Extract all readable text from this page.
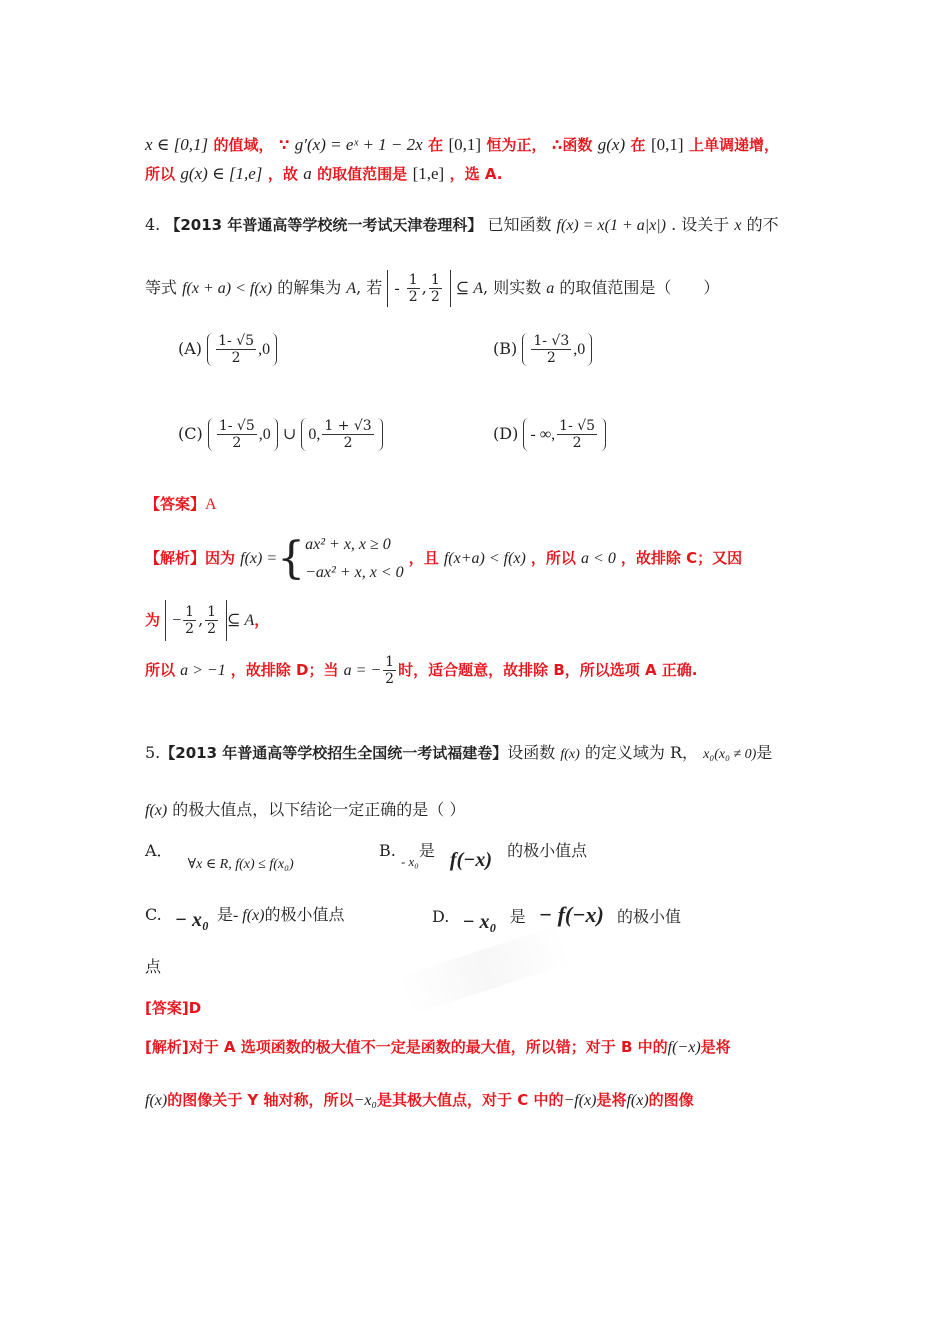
x ∈ [0,1] 的值域， ∵ g′(x) = eˣ + 1 − 2x 在 [0,1] 恒为正， ∴函数 g(x) 在 [0,1] 上单调递增，
所以 g(x) ∈ [1,e] ，故 a 的取值范围是 [1,e] ，选 A.
4. 【2013 年普通高等学校统一考试天津卷理科】 已知函数 f(x) = x(1 + a|x|) . 设关于 x 的不
等式 f(x + a) < f(x) 的解集为 A, 若 - $\frac{1}{2}$ , $\frac{1}{2}$ ⊆ A, 则实数 a 的取值范围是（　　）
$(A) \frac{1- √5}{2} ,0$	$(B) \frac{1- √3}{2} ,0$
$(C) \frac{1- √5}{2} ,0$ ∪ 0, $\frac{1 + √3}{2}$	(D) - ∞, $\frac{1- √5}{2}$
【答案】A
【解析】因为 f(x) ={ ax² + x, x ≥ 0
−ax² + x, x < 0
，且 f(x+a) < f(x) ，所以 a < 0 ，故排除 C；又因
为 − $\frac{1}{2}$ , $\frac{1}{2}$ ⊆ A，
所以 a > −1 ，故排除 D；当 a = − $\frac{1}{2}$ 时，适合题意，故排除 B，所以选项 A 正确.
5.【2013 年普通高等学校招生全国统一考试福建卷】设函数 f(x) 的定义域为 R， x₀(x₀ ≠ 0)是
f(x) 的极大值点，以下结论一定正确的是（ ）
A． ∀x ∈ R, f(x) ≤ f(x₀)
B. $_{- x_0}$是 f(−x) 的极小值点
C. − x₀ 是- f(x)的极小值点	D. − x₀ 是 − f(−x) 的极小值
点
[答案]D
[解析]对于 A 选项函数的极大值不一定是函数的最大值，所以错；对于 B 中的f(−x)是将
f(x)的图像关于 Y 轴对称，所以−x₀是其极大值点，对于 C 中的−f(x)是将f(x)的图像
